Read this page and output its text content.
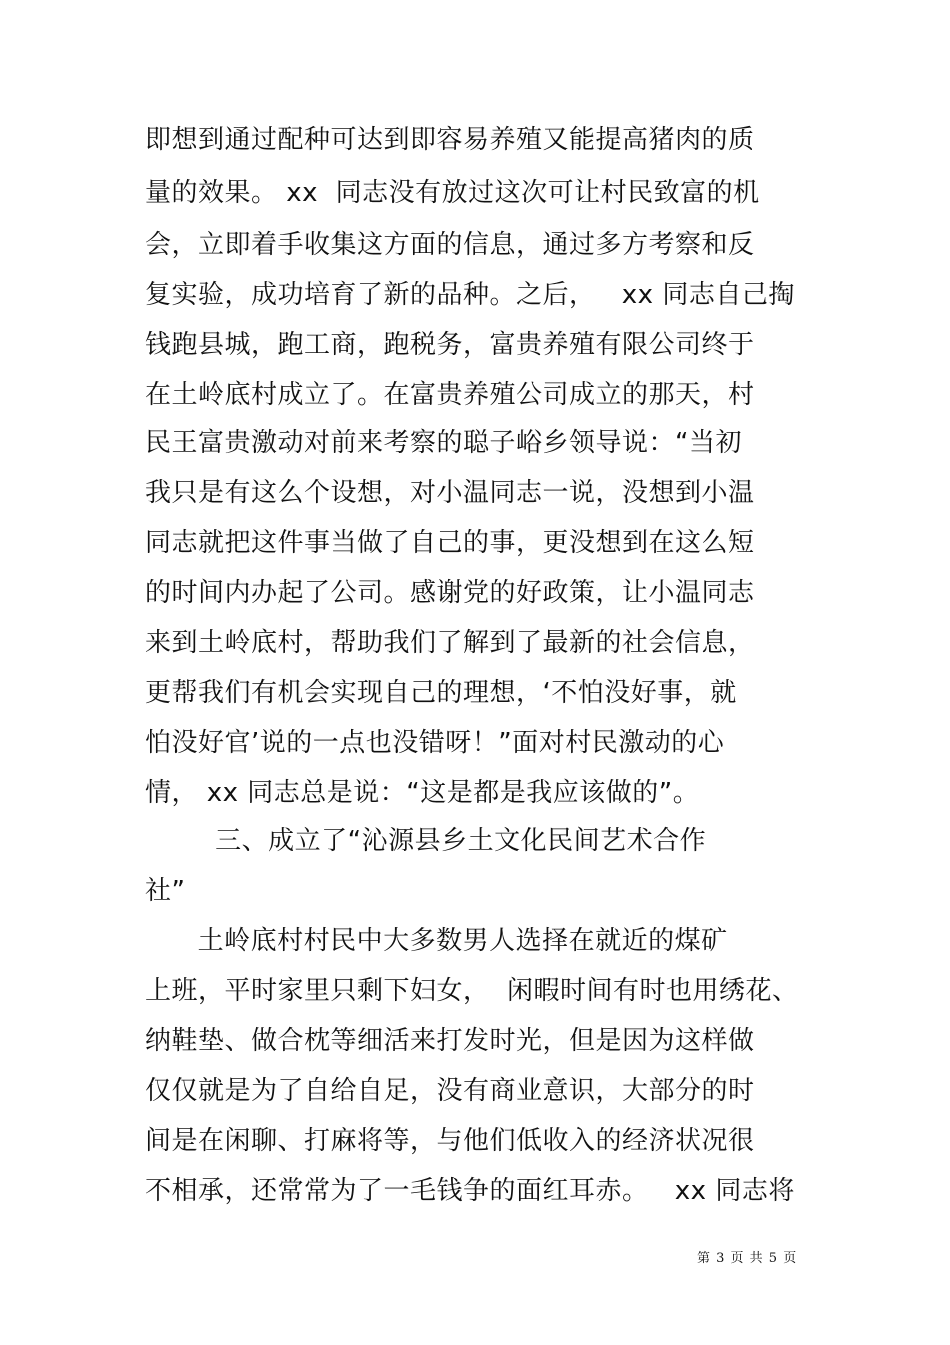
即想到通过配种可达到即容易养殖又能提高猪肉的质
量的效果。 xx  同志没有放过这次可让村民致富的机
会，立即着手收集这方面的信息，通过多方考察和反
复实验，成功培育了新的品种。之后，   xx 同志自己掏
钱跑县城，跑工商，跑税务，富贵养殖有限公司终于
在土岭底村成立了。在富贵养殖公司成立的那天，村
民王富贵激动对前来考察的聪子峪乡领导说：“当初
我只是有这么个设想，对小温同志一说，没想到小温
同志就把这件事当做了自己的事，更没想到在这么短
的时间内办起了公司。感谢党的好政策，让小温同志
来到土岭底村，帮助我们了解到了最新的社会信息，
更帮我们有机会实现自己的理想，‘不怕没好事，就
怕没好官’说的一点也没错呀！”面对村民激动的心
情， xx 同志总是说：“这是都是我应该做的”。
三、成立了“沁源县乡土文化民间艺术合作
社”
土岭底村村民中大多数男人选择在就近的煤矿
上班，平时家里只剩下妇女，  闲暇时间有时也用绣花、
纳鞋垫、做合枕等细活来打发时光，但是因为这样做
仅仅就是为了自给自足，没有商业意识，大部分的时
间是在闲聊、打麻将等，与他们低收入的经济状况很
不相承，还常常为了一毛钱争的面红耳赤。   xx 同志将
第 3 页 共 5 页
